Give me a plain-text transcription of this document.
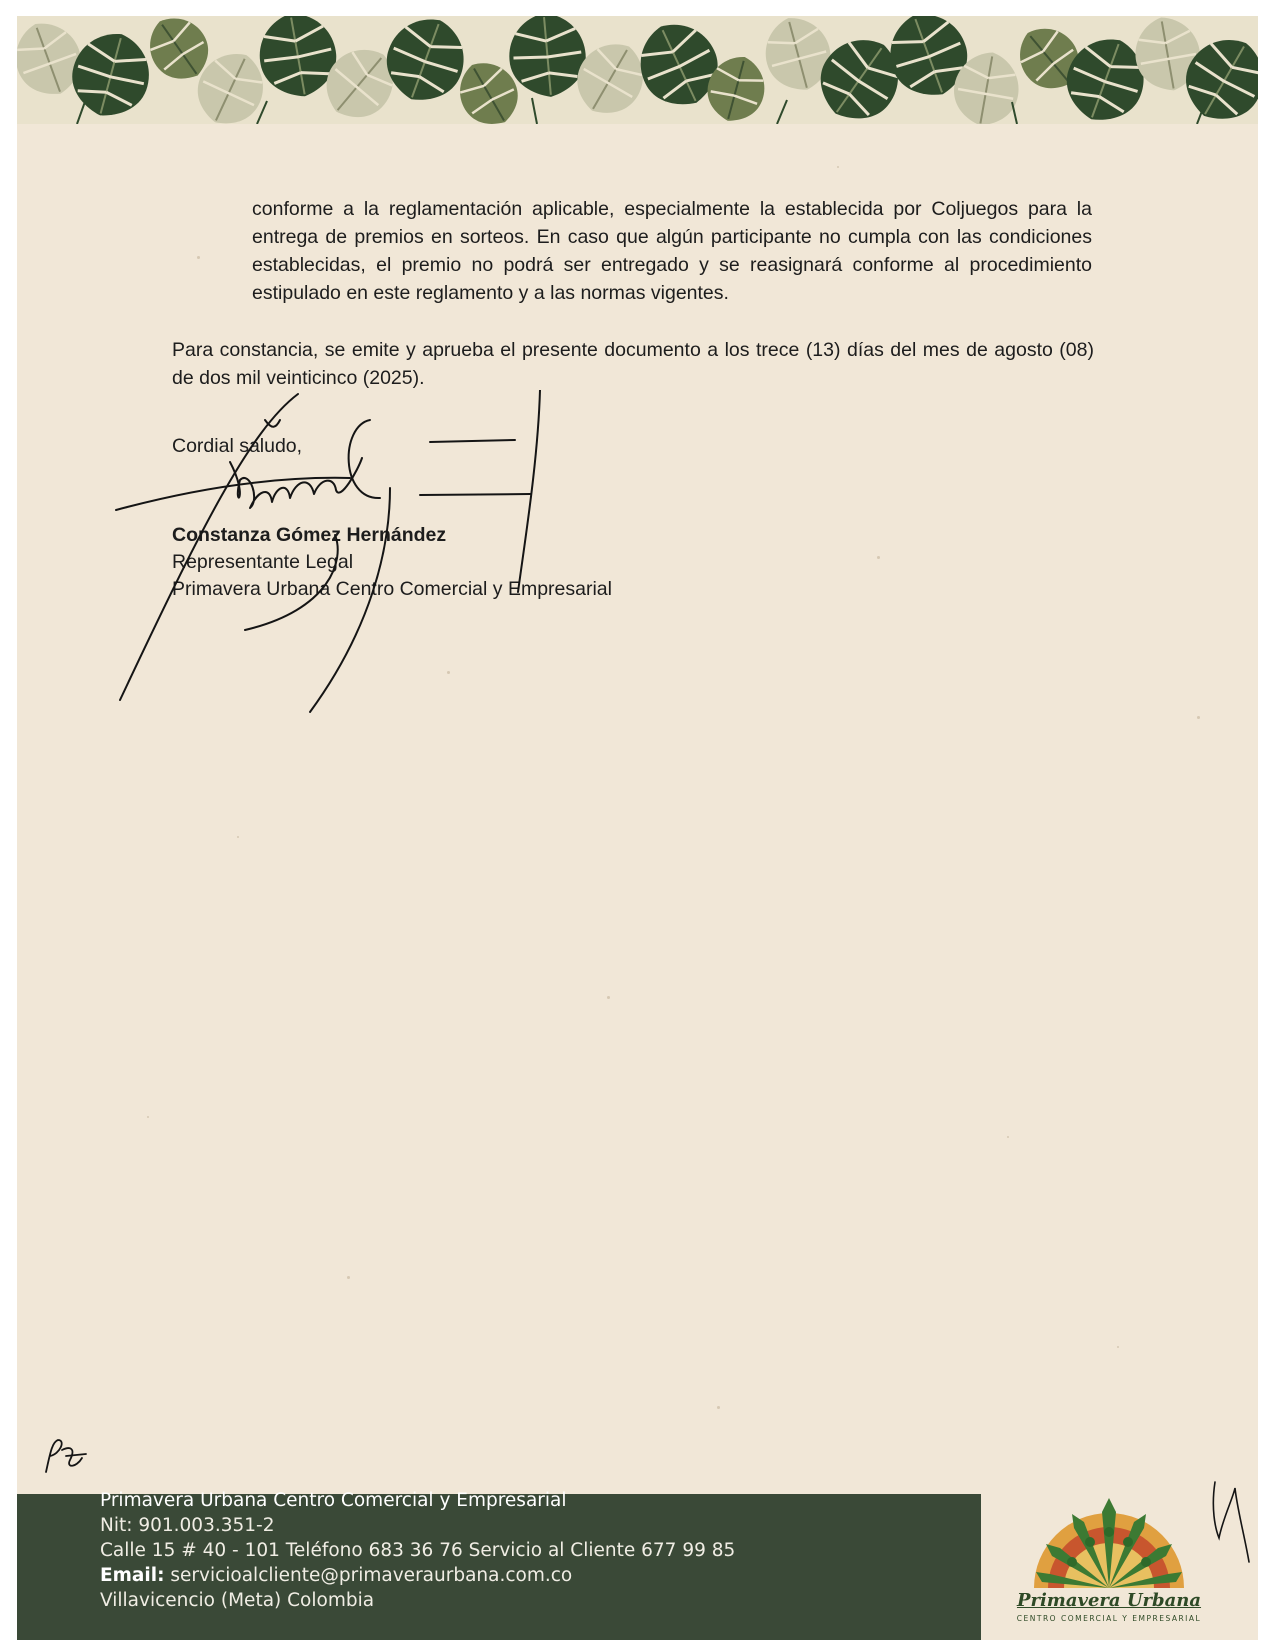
conforme a la reglamentación aplicable, especialmente la establecida por Coljuegos para la entrega de premios en sorteos. En caso que algún participante no cumpla con las condiciones establecidas, el premio no podrá ser entregado y se reasignará conforme al procedimiento estipulado en este reglamento y a las normas vigentes.
Para constancia, se emite y aprueba el presente documento a los trece (13) días del mes de agosto (08) de dos mil veinticinco (2025).
Cordial saludo,
Constanza Gómez Hernández
Representante Legal
Primavera Urbana Centro Comercial y Empresarial
Primavera Urbana Centro Comercial y Empresarial
Nit: 901.003.351-2
Calle 15 # 40 - 101 Teléfono 683 36 76 Servicio al Cliente 677 99 85
Email: servicioalcliente@primaverаurbana.com.co
Villavicencio (Meta) Colombia	Primavera Urbana
CENTRO COMERCIAL Y EMPRESARIAL
